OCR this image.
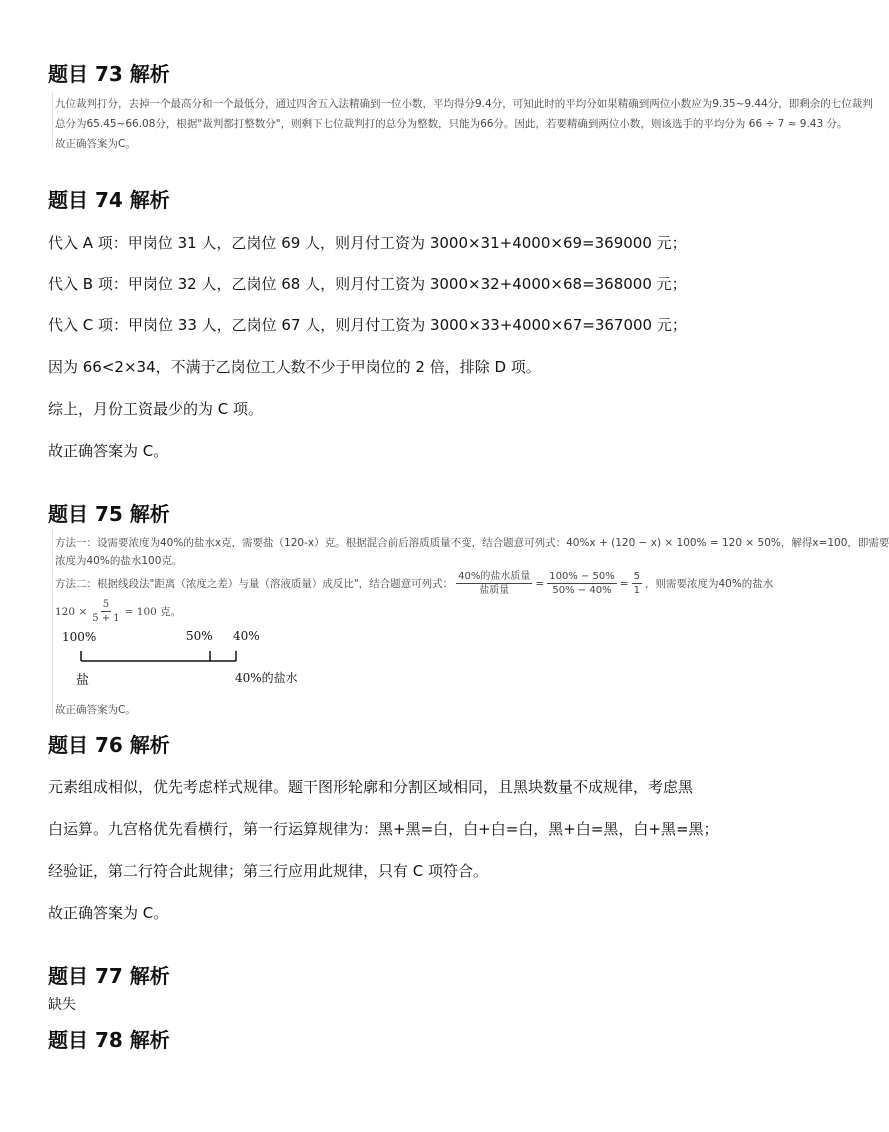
题目 73 解析

九位裁判打分，去掉一个最高分和一个最低分，通过四舍五入法精确到一位小数，平均得分9.4分，可知此时的平均分如果精确到两位小数应为9.35~9.44分，即剩余的七位裁判

总分为65.45~66.08分，根据"裁判都打整数分"，则剩下七位裁判打的总分为整数，只能为66分。因此，若要精确到两位小数，则该选手的平均分为 66 ÷ 7 ≈ 9.43 分。

故正确答案为C。

题目 74 解析

代入 A 项：甲岗位 31 人，乙岗位 69 人，则月付工资为 3000×31+4000×69=369000 元；

代入 B 项：甲岗位 32 人，乙岗位 68 人，则月付工资为 3000×32+4000×68=368000 元；

代入 C 项：甲岗位 33 人，乙岗位 67 人，则月付工资为 3000×33+4000×67=367000 元；

因为 66<2×34，不满于乙岗位工人数不少于甲岗位的 2 倍，排除 D 项。

综上，月份工资最少的为 C 项。

故正确答案为 C。

题目 75 解析

方法一：设需要浓度为40%的盐水x克，需要盐（120-x）克。根据混合前后溶质质量不变，结合题意可列式：40%x + (120 − x) × 100% = 120 × 50%，解得x=100，即需要

浓度为40%的盐水100克。

方法二：根据线段法"距离（浓度之差）与量（溶液质量）成反比"，结合题意可列式： $\frac{\text{40\%的盐水质量}}{\text{盐质量}} = \frac{100\% - 50\%}{50\% - 40\%} = \frac{5}{1}$ ，则需要浓度为40%的盐水
$120 \times \frac{5}{5 + 1} = 100$ 克。
100%	50% 40%
盐	40%的盐水

故正确答案为C。

题目 76 解析

元素组成相似，优先考虑样式规律。题干图形轮廓和分割区域相同，且黑块数量不成规律，考虑黑

白运算。九宫格优先看横行，第一行运算规律为：黑+黑=白，白+白=白，黑+白=黑，白+黑=黑；

经验证，第二行符合此规律；第三行应用此规律，只有 C 项符合。

故正确答案为 C。

题目 77 解析
缺失
题目 78 解析
